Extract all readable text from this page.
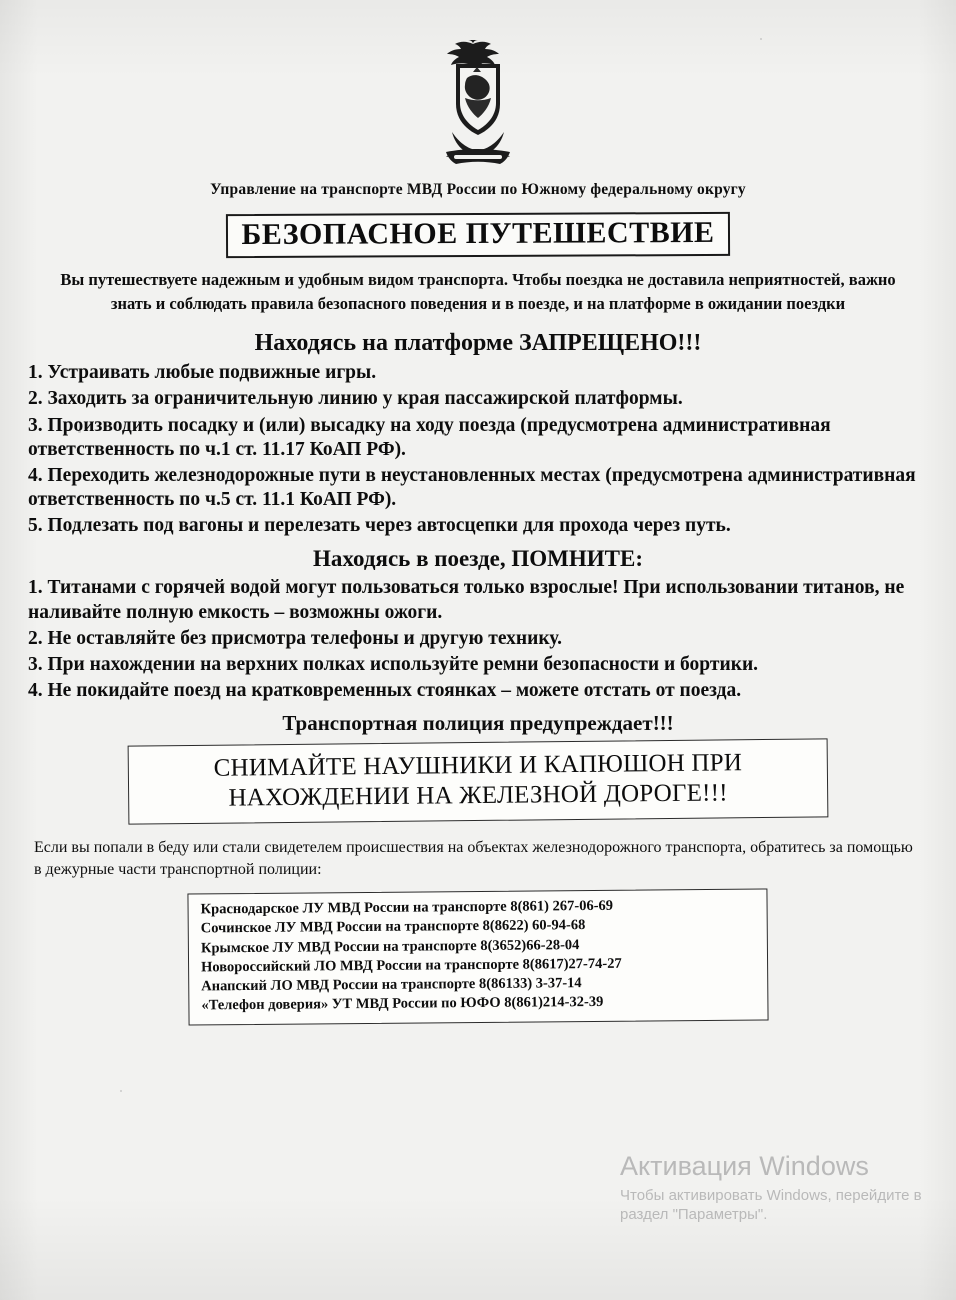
Управление на транспорте МВД России по Южному федеральному округу
БЕЗОПАСНОЕ ПУТЕШЕСТВИЕ
Вы путешествуете надежным и удобным видом транспорта. Чтобы поездка не доставила неприятностей, важно знать и соблюдать правила безопасного поведения и в поезде, и на платформе в ожидании поездки
Находясь на платформе ЗАПРЕЩЕНО!!!
1. Устраивать любые подвижные игры.
2. Заходить за ограничительную линию у края пассажирской платформы.
3. Производить посадку и (или) высадку на ходу поезда (предусмотрена административная ответственность по ч.1 ст. 11.17 КоАП РФ).
4. Переходить железнодорожные пути в неустановленных местах (предусмотрена административная ответственность по ч.5 ст. 11.1 КоАП РФ).
5. Подлезать под вагоны и перелезать через автосцепки для прохода через путь.
Находясь в поезде, ПОМНИТЕ:
1. Титанами с горячей водой могут пользоваться только взрослые! При использовании титанов, не наливайте полную емкость – возможны ожоги.
2. Не оставляйте без присмотра телефоны и другую технику.
3. При нахождении на верхних полках используйте ремни безопасности и бортики.
4. Не покидайте поезд на кратковременных стоянках – можете отстать от поезда.
Транспортная полиция предупреждает!!!
СНИМАЙТЕ НАУШНИКИ И КАПЮШОН ПРИ
НАХОЖДЕНИИ НА ЖЕЛЕЗНОЙ ДОРОГЕ!!!
Если вы попали в беду или стали свидетелем происшествия на объектах железнодорожного транспорта, обратитесь за помощью в дежурные части транспортной полиции:
Краснодарское ЛУ МВД России на транспорте 8(861) 267-06-69
Сочинское ЛУ МВД России на транспорте 8(8622) 60-94-68
Крымское ЛУ МВД России на транспорте 8(3652)66-28-04
Новороссийский ЛО МВД России на транспорте 8(8617)27-74-27
Анапский ЛО МВД России на транспорте 8(86133) 3-37-14
«Телефон доверия» УТ МВД России по ЮФО 8(861)214-32-39
Активация Windows
Чтобы активировать Windows, перейдите в
раздел "Параметры".
